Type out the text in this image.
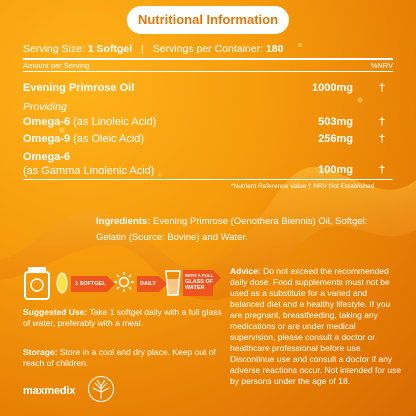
Nutritional Information
Serving Size: 1 Softgel | Servings per Container: 180
Amount per Serving	%NRV
Evening Primrose Oil	1000mg	†
Providing
Omega-6 (as Linoleic Acid)	503mg	†
Omega-9 (as Oleic Acid)	256mg	†
Omega-6
(as Gamma Linolenic Acid)	100mg	†
*Nutrient Reference Value † NRV Not Established
Ingredients: Evening Primrose (Oenothera Biennis) Oil, Softgel: Gelatin (Source: Bovine) and Water.
1 SOFTGEL	DAILY
WITH A FULL
GLASS OF
WATER
Suggested Use: Take 1 softgel daily with a full glass of water, preferably with a meal.
Storage: Store in a cool and dry place. Keep out of reach of children.
Advice: Do not exceed the recommended daily dose. Food supplements must not be used as a substitute for a varied and balanced diet and a healthy lifestyle. If you are pregnant, breastfeeding, taking any medications or are under medical supervision, please consult a doctor or healthcare professional before use. Discontinue use and consult a doctor if any adverse reactions occur. Not intended for use by persons under the age of 18.
maxmedix
